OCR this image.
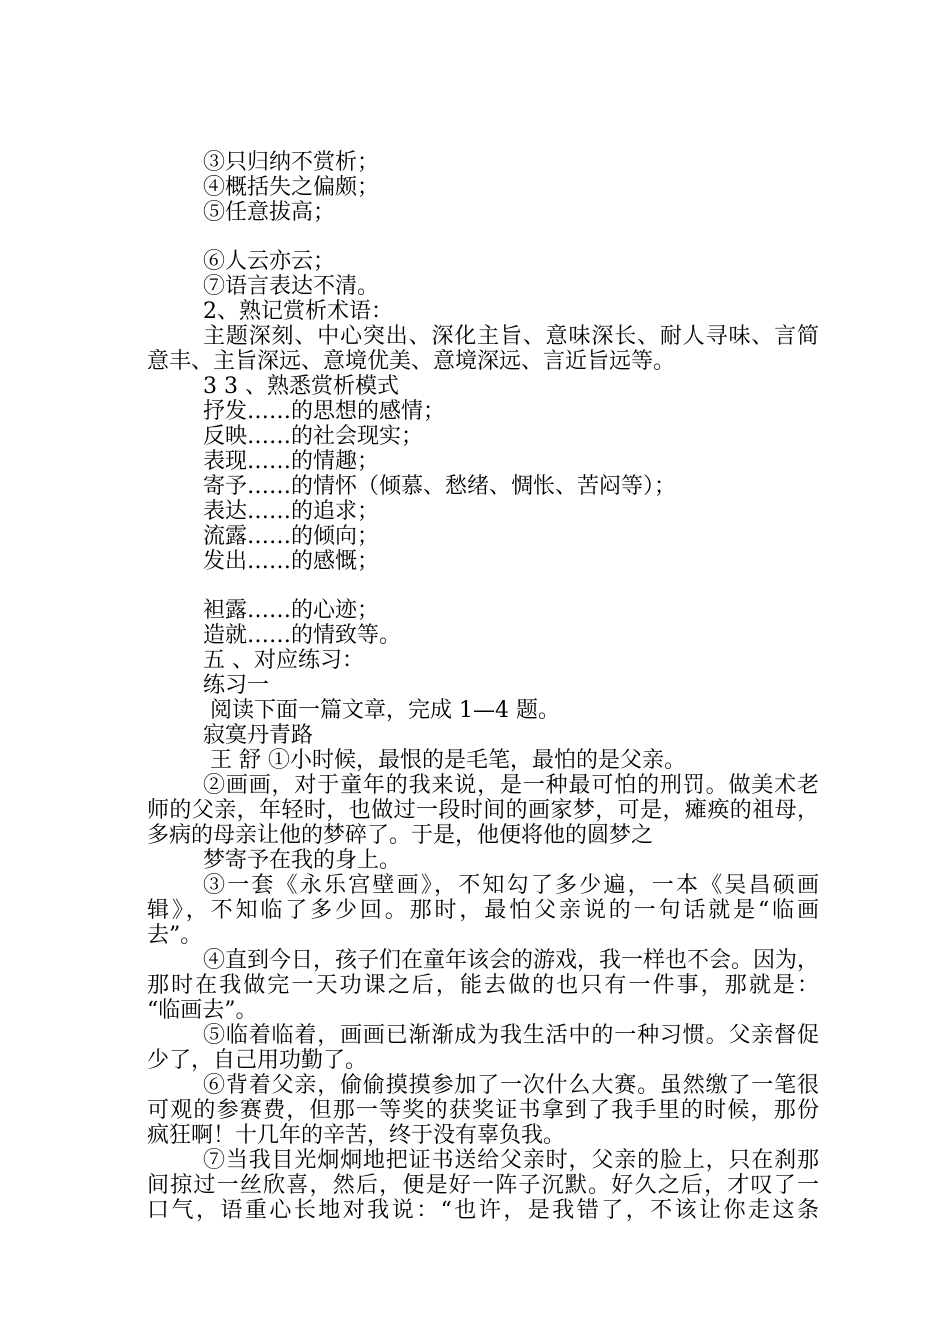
③只归纳不赏析；
④概括失之偏颇；
⑤任意拔高；
⑥人云亦云；
⑦语言表达不清。
2、熟记赏析术语：
主题深刻、中心突出、深化主旨、意味深长、耐人寻味、言简
意丰、主旨深远、意境优美、意境深远、言近旨远等。
3 3 、熟悉赏析模式
抒发……的思想的感情；
反映……的社会现实；
表现……的情趣；
寄予……的情怀（倾慕、愁绪、惆怅、苦闷等）；
表达……的追求；
流露……的倾向；
发出……的感慨；
袒露……的心迹；
造就……的情致等。
五 、对应练习：
练习一
阅读下面一篇文章，完成 1—4 题。
寂寞丹青路
王 舒 ①小时候，最恨的是毛笔，最怕的是父亲。
②画画，对于童年的我来说，是一种最可怕的刑罚。做美术老
师的父亲，年轻时，也做过一段时间的画家梦，可是，瘫痪的祖母，
多病的母亲让他的梦碎了。于是，他便将他的圆梦之
梦寄予在我的身上。
③一套《永乐宫壁画》，不知勾了多少遍，一本《吴昌硕画
辑》，不知临了多少回。那时，最怕父亲说的一句话就是“临画
去”。
④直到今日，孩子们在童年该会的游戏，我一样也不会。因为，
那时在我做完一天功课之后，能去做的也只有一件事，那就是：
“临画去”。
⑤临着临着，画画已渐渐成为我生活中的一种习惯。父亲督促
少了，自己用功勤了。
⑥背着父亲，偷偷摸摸参加了一次什么大赛。虽然缴了一笔很
可观的参赛费，但那一等奖的获奖证书拿到了我手里的时候，那份
疯狂啊！十几年的辛苦，终于没有辜负我。
⑦当我目光炯炯地把证书送给父亲时，父亲的脸上，只在刹那
间掠过一丝欣喜，然后，便是好一阵子沉默。好久之后，才叹了一
口气，语重心长地对我说：“也许，是我错了，不该让你走这条
